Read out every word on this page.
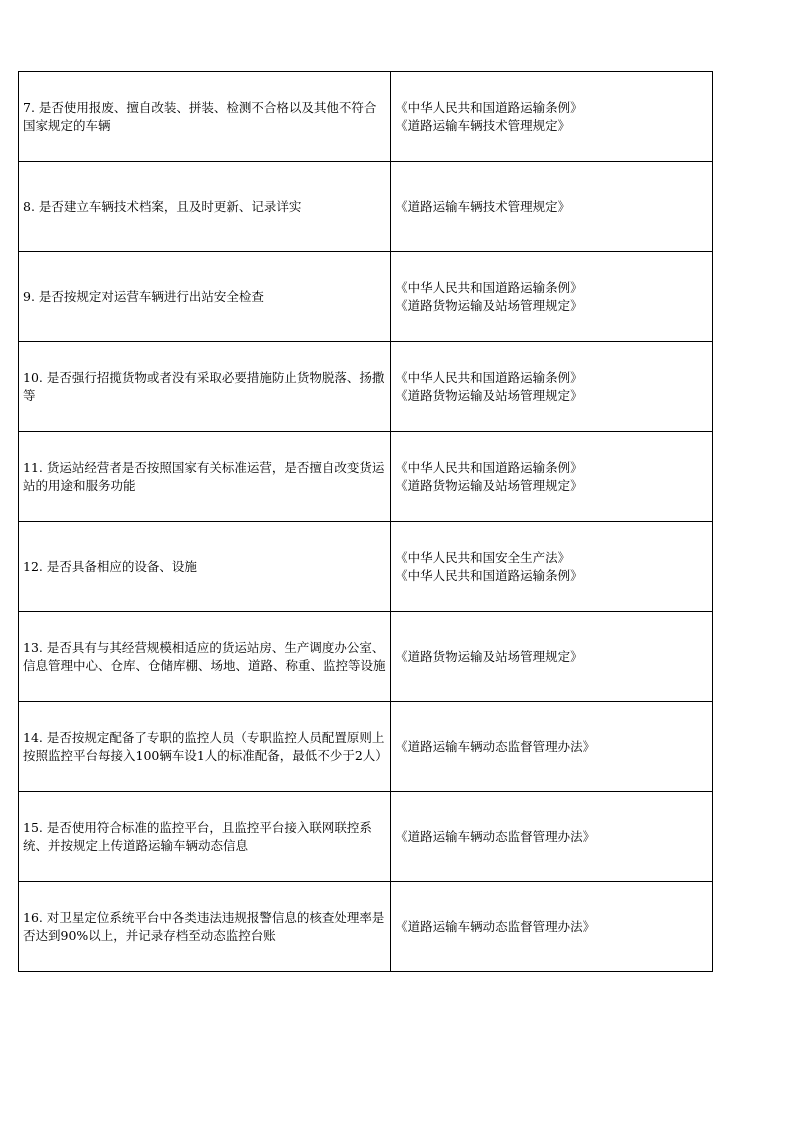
7. 是否使用报废、擅自改装、拼装、检测不合格以及其他不符合国家规定的车辆	《中华人民共和国道路运输条例》
《道路运输车辆技术管理规定》

8. 是否建立车辆技术档案，且及时更新、记录详实	《道路运输车辆技术管理规定》

9. 是否按规定对运营车辆进行出站安全检查	《中华人民共和国道路运输条例》
《道路货物运输及站场管理规定》

10. 是否强行招揽货物或者没有采取必要措施防止货物脱落、扬撒等	《中华人民共和国道路运输条例》
《道路货物运输及站场管理规定》

11. 货运站经营者是否按照国家有关标准运营，是否擅自改变货运站的用途和服务功能	《中华人民共和国道路运输条例》
《道路货物运输及站场管理规定》

12. 是否具备相应的设备、设施	《中华人民共和国安全生产法》
《中华人民共和国道路运输条例》

13. 是否具有与其经营规模相适应的货运站房、生产调度办公室、信息管理中心、仓库、仓储库棚、场地、道路、称重、监控等设施	《道路货物运输及站场管理规定》

14. 是否按规定配备了专职的监控人员（专职监控人员配置原则上按照监控平台每接入100辆车设1人的标准配备，最低不少于2人）	《道路运输车辆动态监督管理办法》

15. 是否使用符合标准的监控平台，且监控平台接入联网联控系统、并按规定上传道路运输车辆动态信息	《道路运输车辆动态监督管理办法》

16. 对卫星定位系统平台中各类违法违规报警信息的核查处理率是否达到90%以上，并记录存档至动态监控台账	《道路运输车辆动态监督管理办法》
